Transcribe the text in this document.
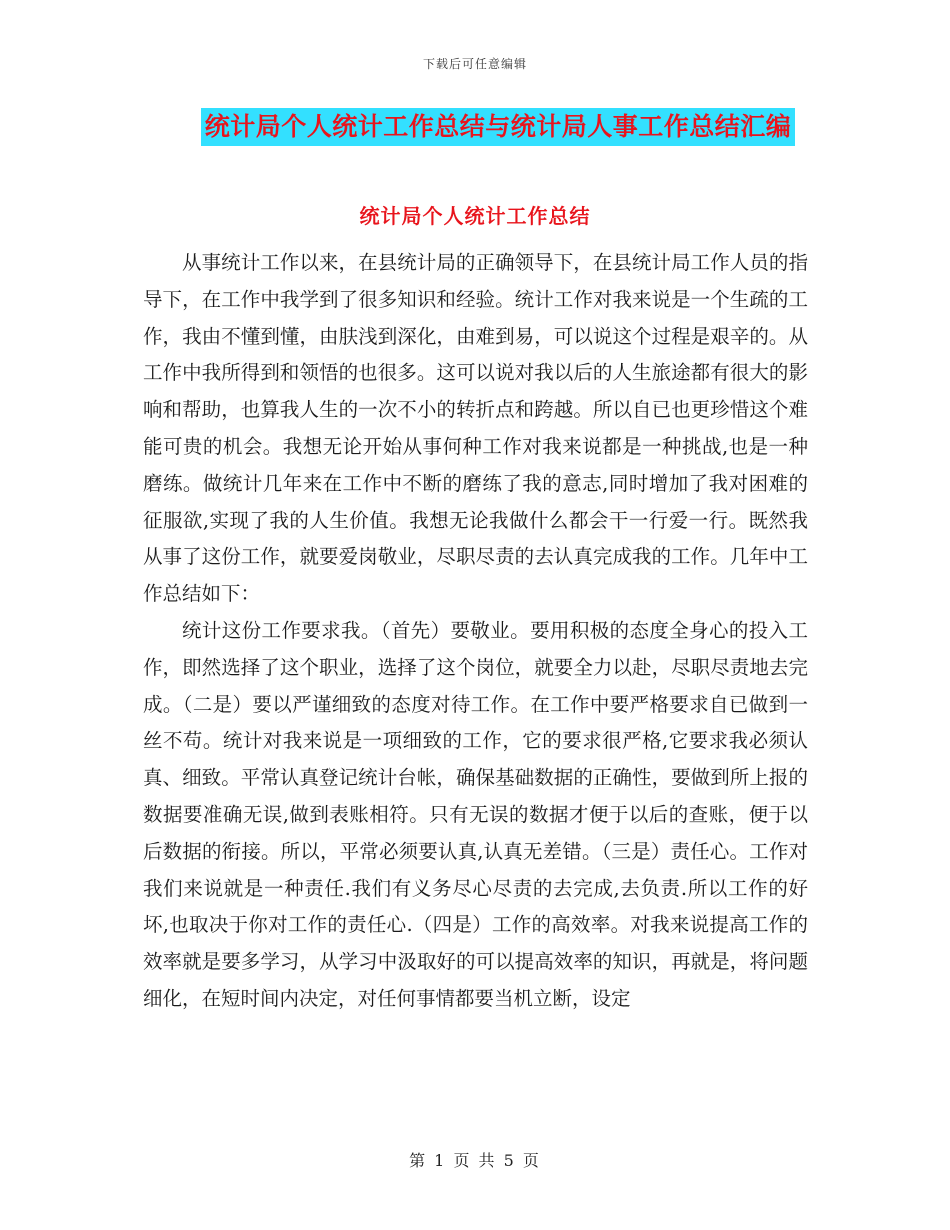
下载后可任意编辑
统计局个人统计工作总结与统计局人事工作总结汇编
统计局个人统计工作总结

从事统计工作以来，在县统计局的正确领导下，在县统计局工作人员的指导下，在工作中我学到了很多知识和经验。统计工作对我来说是一个生疏的工作，我由不懂到懂，由肤浅到深化，由难到易，可以说这个过程是艰辛的。从工作中我所得到和领悟的也很多。这可以说对我以后的人生旅途都有很大的影响和帮助，也算我人生的一次不小的转折点和跨越。所以自已也更珍惜这个难能可贵的机会。我想无论开始从事何种工作对我来说都是一种挑战,也是一种磨练。做统计几年来在工作中不断的磨练了我的意志,同时增加了我对困难的征服欲,实现了我的人生价值。我想无论我做什么都会干一行爱一行。既然我从事了这份工作，就要爱岗敬业，尽职尽责的去认真完成我的工作。几年中工作总结如下：

统计这份工作要求我。（首先）要敬业。要用积极的态度全身心的投入工作，即然选择了这个职业，选择了这个岗位，就要全力以赴，尽职尽责地去完成。（二是）要以严谨细致的态度对待工作。在工作中要严格要求自已做到一丝不苟。统计对我来说是一项细致的工作，它的要求很严格,它要求我必须认真、细致。平常认真登记统计台帐，确保基础数据的正确性，要做到所上报的数据要准确无误,做到表账相符。只有无误的数据才便于以后的查账，便于以后数据的衔接。所以，平常必须要认真,认真无差错。（三是）责任心。工作对我们来说就是一种责任.我们有义务尽心尽责的去完成,去负责.所以工作的好坏,也取决于你对工作的责任心.（四是）工作的高效率。对我来说提高工作的效率就是要多学习，从学习中汲取好的可以提高效率的知识，再就是，将问题细化，在短时间内决定，对任何事情都要当机立断，设定

第 1 页 共 5 页
